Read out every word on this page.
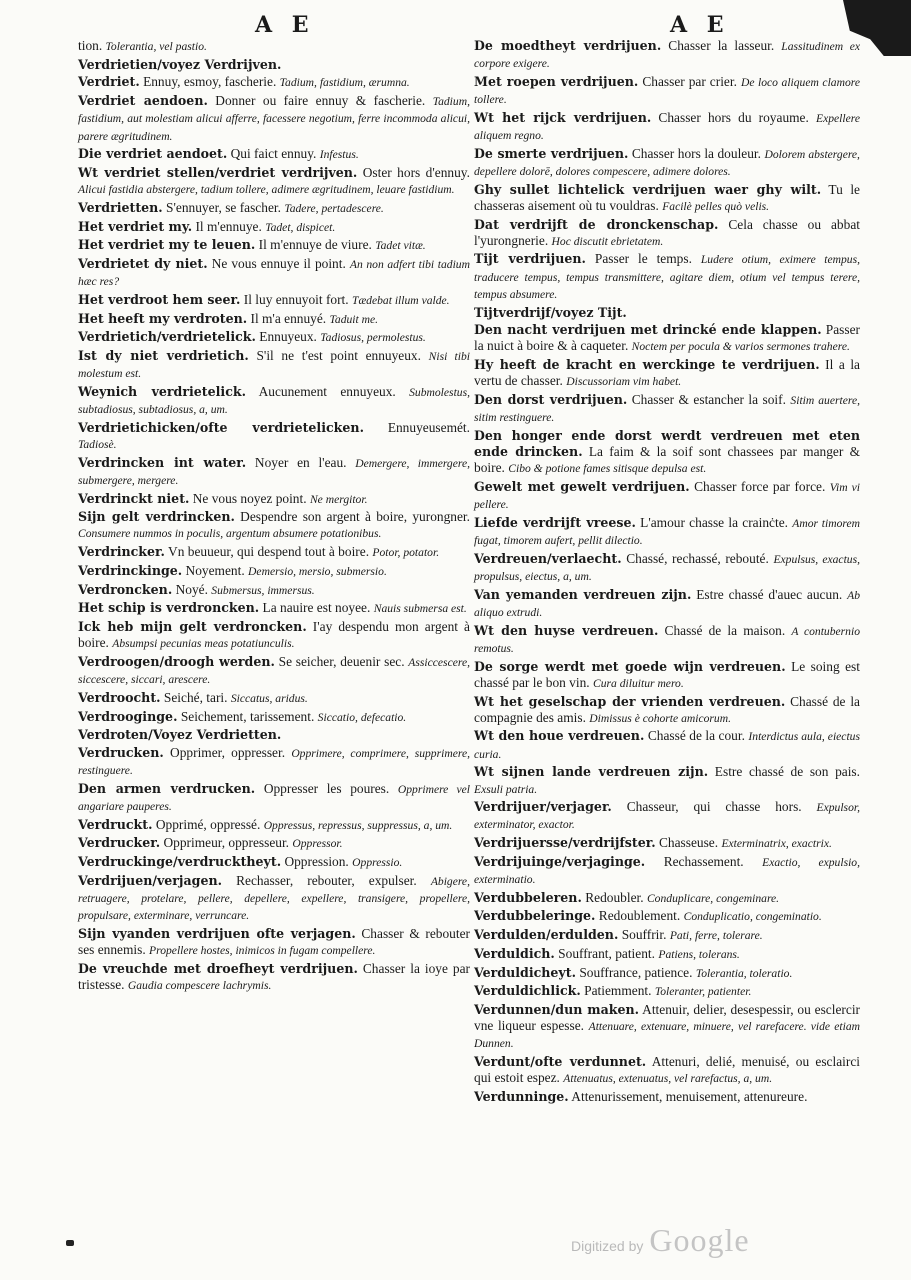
A E	A E

tion. Tolerantia, vel pastio.

Verdrietien/voyez Verdrijven.

Verdriet. Ennuy, esmoy, fascherie. Tadium, fastidium, ærumna.

Verdriet aendoen. Donner ou faire ennuy & fascherie. Tadium, fastidium, aut molestiam alicui afferre, facessere negotium, ferre incommoda alicui, parere ægritudinem.

Die verdriet aendoet. Qui faict ennuy. Infestus.

Wt verdriet stellen/verdriet verdrijven. Oster hors d'ennuy. Alicui fastidia abstergere, tadium tollere, adimere ægritudinem, leuare fastidium.

Verdrietten. S'ennuyer, se fascher. Tadere, pertadescere.

Het verdriet my. Il m'ennuye. Tadet, dispicet.

Het verdriet my te leuen. Il m'ennuye de viure. Tadet vitæ.

Verdrietet dy niet. Ne vous ennuye il point. An non adfert tibi tadium hæc res?

Het verdroot hem seer. Il luy ennuyoit fort. Tædebat illum valde.

Het heeft my verdroten. Il m'a ennuyé. Taduit me.

Verdrietich/verdrietelick. Ennuyeux. Tadiosus, permolestus.

Ist dy niet verdrietich. S'il ne t'est point ennuyeux. Nisi tibi molestum est.

Weynich verdrietelick. Aucunement ennuyeux. Submolestus, subtadiosus, subtadiosus, a, um.

Verdrietichicken/ofte verdrietelicken. Ennuyeusemét. Tadiosè.

Verdrincken int water. Noyer en l'eau. Demergere, immergere, submergere, mergere.

Verdrinckt niet. Ne vous noyez point. Ne mergitor.

Sijn gelt verdrincken. Despendre son argent à boire, yurongner. Consumere nummos in poculis, argentum absumere potationibus.

Verdrincker. Vn beuueur, qui despend tout à boire. Potor, potator.

Verdrinckinge. Noyement. Demersio, mersio, submersio.

Verdroncken. Noyé. Submersus, immersus.

Het schip is verdroncken. La nauire est noyee. Nauis submersa est.

Ick heb mijn gelt verdroncken. I'ay despendu mon argent à boire. Absumpsi pecunias meas potatiunculis.

Verdroogen/droogh werden. Se seicher, deuenir sec. Assiccescere, siccescere, siccari, arescere.

Verdroocht. Seiché, tari. Siccatus, aridus.

Verdrooginge. Seichement, tarissement. Siccatio, defecatio.

Verdroten/Voyez Verdrietten.

Verdrucken. Opprimer, oppresser. Opprimere, comprimere, supprimere, restinguere.

Den armen verdrucken. Oppresser les poures. Opprimere vel angariare pauperes.

Verdruckt. Opprimé, oppressé. Oppressus, repressus, suppressus, a, um.

Verdrucker. Opprimeur, oppresseur. Oppressor.

Verdruckinge/verdrucktheyt. Oppression. Oppressio.

Verdrijuen/verjagen. Rechasser, rebouter, expulser. Abigere, retruagere, protelare, pellere, depellere, expellere, transigere, propellere, propulsare, exterminare, verruncare.

Sijn vyanden verdrijuen ofte verjagen. Chasser & rebouter ses ennemis. Propellere hostes, inimicos in fugam compellere.

De vreuchde met droefheyt verdrijuen. Chasser la ioye par tristesse. Gaudia compescere lachrymis.

De moedtheyt verdrijuen. Chasser la lasseur. Lassitudinem ex corpore exigere.

Met roepen verdrijuen. Chasser par crier. De loco aliquem clamore tollere.

Wt het rijck verdrijuen. Chasser hors du royaume. Expellere aliquem regno.

De smerte verdrijuen. Chasser hors la douleur. Dolorem abstergere, depellere dolorē, dolores compescere, adimere dolores.

Ghy sullet lichtelick verdrijuen waer ghy wilt. Tu le chasseras aisement où tu vouldras. Facilè pelles quò velis.

Dat verdrijft de dronckenschap. Cela chasse ou abbat l'yurongnerie. Hoc discutit ebrietatem.

Tijt verdrijuen. Passer le temps. Ludere otium, eximere tempus, traducere tempus, tempus transmittere, agitare diem, otium vel tempus terere, tempus absumere.

Tijtverdrijf/voyez Tijt.

Den nacht verdrijuen met drincké ende klappen. Passer la nuict à boire & à caqueter. Noctem per pocula & varios sermones trahere.

Hy heeft de kracht en werckinge te verdrijuen. Il a la vertu de chasser. Discussoriam vim habet.

Den dorst verdrijuen. Chasser & estancher la soif. Sitim auertere, sitim restinguere.

Den honger ende dorst werdt verdreuen met eten ende drincken. La faim & la soif sont chassees par manger & boire. Cibo & potione fames sitisque depulsa est.

Gewelt met gewelt verdrijuen. Chasser force par force. Vim vi pellere.

Liefde verdrijft vreese. L'amour chasse la crainċte. Amor timorem fugat, timorem aufert, pellit dilectio.

Verdreuen/verlaecht. Chassé, rechassé, rebouté. Expulsus, exactus, propulsus, eiectus, a, um.

Van yemanden verdreuen zijn. Estre chassé d'auec aucun. Ab aliquo extrudi.

Wt den huyse verdreuen. Chassé de la maison. A contubernio remotus.

De sorge werdt met goede wijn verdreuen. Le soing est chassé par le bon vin. Cura diluitur mero.

Wt het geselschap der vrienden verdreuen. Chassé de la compagnie des amis. Dimissus è cohorte amicorum.

Wt den houe verdreuen. Chassé de la cour. Interdictus aula, eiectus curia.

Wt sijnen lande verdreuen zijn. Estre chassé de son pais. Exsuli patria.

Verdrijuer/verjager. Chasseur, qui chasse hors. Expulsor, exterminator, exactor.

Verdrijuersse/verdrijfster. Chasseuse. Exterminatrix, exactrix.

Verdrijuinge/verjaginge. Rechassement. Exactio, expulsio, exterminatio.

Verdubbeleren. Redoubler. Conduplicare, congeminare.

Verdubbeleringe. Redoublement. Conduplicatio, congeminatio.

Verdulden/erdulden. Souffrir. Pati, ferre, tolerare.

Verduldich. Souffrant, patient. Patiens, tolerans.

Verduldicheyt. Souffrance, patience. Tolerantia, toleratio.

Verduldichlick. Patiemment. Toleranter, patienter.

Verdunnen/dun maken. Attenuir, delier, desespessir, ou esclercir vne liqueur espesse. Attenuare, extenuare, minuere, vel rarefacere. vide etiam Dunnen.

Verdunt/ofte verdunnet. Attenuri, delié, menuisé, ou esclairci qui estoit espez. Attenuatus, extenuatus, vel rarefactus, a, um.

Verdunninge. Attenurissement, menuisement, attenureure.

Digitized by Google
